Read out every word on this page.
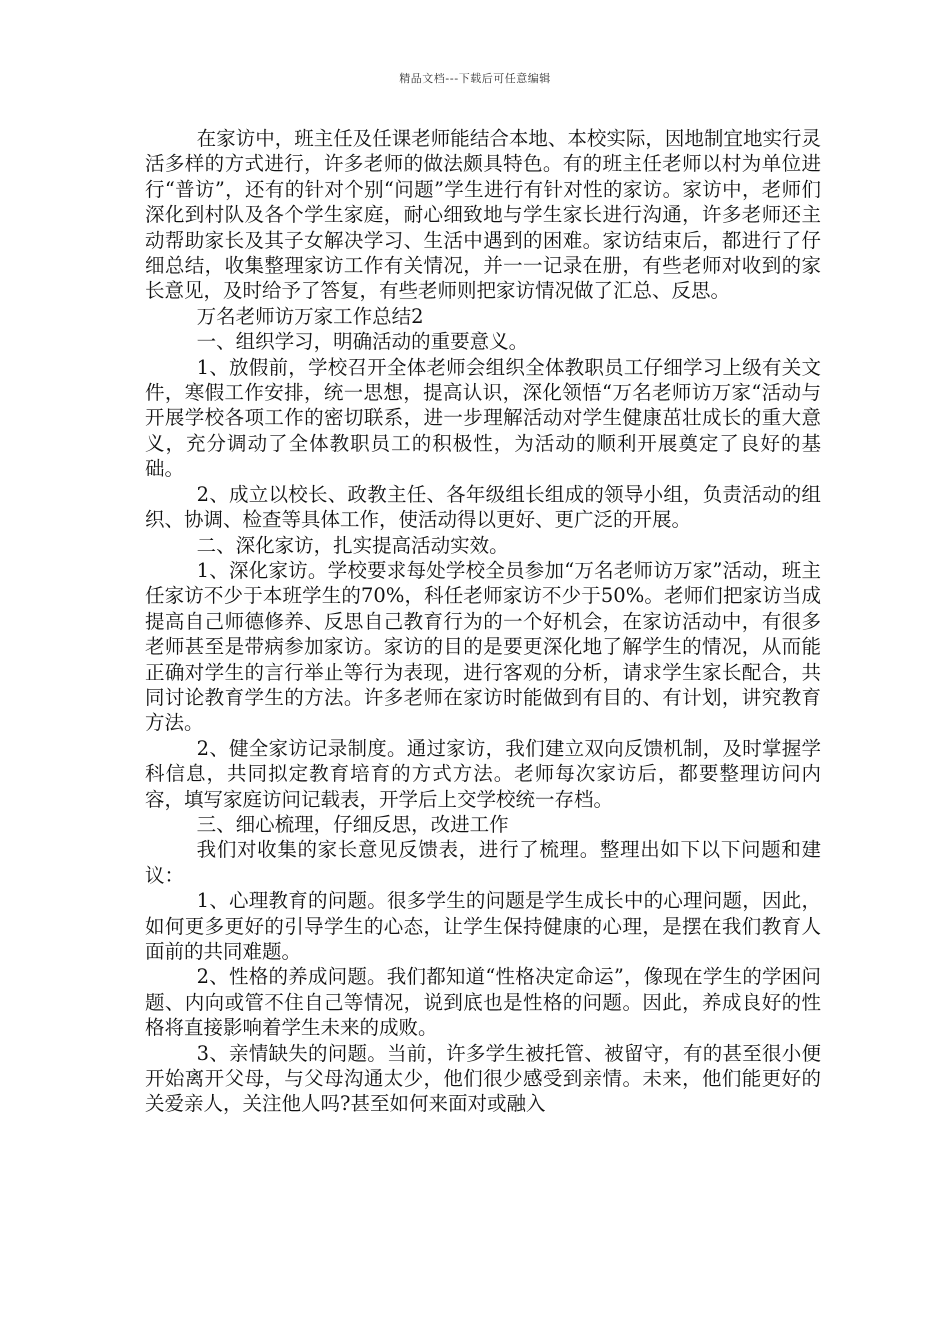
精品文档---下载后可任意编辑

在家访中，班主任及任课老师能结合本地、本校实际，因地制宜地实行灵活多样的方式进行，许多老师的做法颇具特色。有的班主任老师以村为单位进行“普访”，还有的针对个别“问题”学生进行有针对性的家访。家访中，老师们深化到村队及各个学生家庭，耐心细致地与学生家长进行沟通，许多老师还主动帮助家长及其子女解决学习、生活中遇到的困难。家访结束后，都进行了仔细总结，收集整理家访工作有关情况，并一一记录在册，有些老师对收到的家长意见，及时给予了答复，有些老师则把家访情况做了汇总、反思。

万名老师访万家工作总结2

一、组织学习，明确活动的重要意义。

1、放假前，学校召开全体老师会组织全体教职员工仔细学习上级有关文件，寒假工作安排，统一思想，提高认识，深化领悟“万名老师访万家“活动与开展学校各项工作的密切联系，进一步理解活动对学生健康茁壮成长的重大意义，充分调动了全体教职员工的积极性，为活动的顺利开展奠定了良好的基础。

2、成立以校长、政教主任、各年级组长组成的领导小组，负责活动的组织、协调、检查等具体工作，使活动得以更好、更广泛的开展。

二、深化家访，扎实提高活动实效。

1、深化家访。学校要求每处学校全员参加“万名老师访万家”活动，班主任家访不少于本班学生的70%，科任老师家访不少于50%。老师们把家访当成提高自己师德修养、反思自己教育行为的一个好机会，在家访活动中，有很多老师甚至是带病参加家访。家访的目的是要更深化地了解学生的情况，从而能正确对学生的言行举止等行为表现，进行客观的分析，请求学生家长配合，共同讨论教育学生的方法。许多老师在家访时能做到有目的、有计划，讲究教育方法。

2、健全家访记录制度。通过家访，我们建立双向反馈机制，及时掌握学科信息，共同拟定教育培育的方式方法。老师每次家访后，都要整理访问内容，填写家庭访问记载表，开学后上交学校统一存档。

三、细心梳理，仔细反思，改进工作

我们对收集的家长意见反馈表，进行了梳理。整理出如下以下问题和建议：

1、心理教育的问题。很多学生的问题是学生成长中的心理问题，因此，如何更多更好的引导学生的心态，让学生保持健康的心理，是摆在我们教育人面前的共同难题。

2、性格的养成问题。我们都知道“性格决定命运”，像现在学生的学困问题、内向或管不住自己等情况，说到底也是性格的问题。因此，养成良好的性格将直接影响着学生未来的成败。

3、亲情缺失的问题。当前，许多学生被托管、被留守，有的甚至很小便开始离开父母，与父母沟通太少，他们很少感受到亲情。未来，他们能更好的关爱亲人，关注他人吗?甚至如何来面对或融入
